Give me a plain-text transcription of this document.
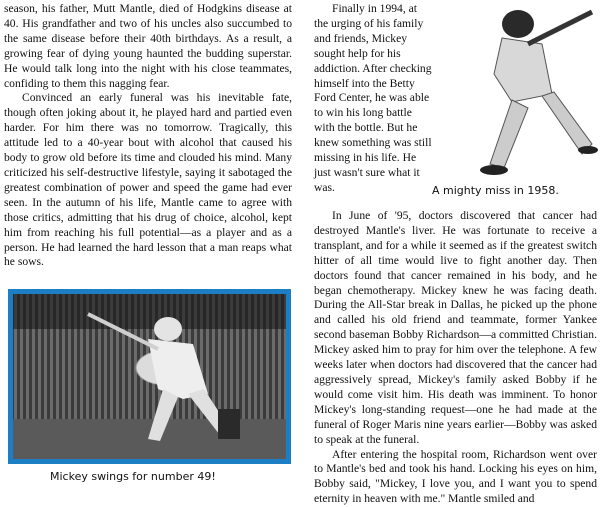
season, his father, Mutt Mantle, died of Hodgkins disease at 40. His grandfather and two of his uncles also succumbed to the same disease before their 40th birthdays. As a result, a growing fear of dying young haunted the budding superstar. He would talk long into the night with his close teammates, confiding to them this nagging fear.

Convinced an early funeral was his inevitable fate, though often joking about it, he played hard and partied even harder. For him there was no tomorrow. Tragically, this attitude led to a 40-year bout with alcohol that caused his body to grow old before its time and clouded his mind. Many criticized his self-destructive lifestyle, saying it sabotaged the greatest combination of power and speed the game had ever seen. In the autumn of his life, Mantle came to agree with those critics, admitting that his drug of choice, alcohol, kept him from reaching his full potential—as a player and as a person. He had learned the hard lesson that a man reaps what he sows.

Finally in 1994, at the urging of his family and friends, Mickey sought help for his addiction. After checking himself into the Betty Ford Center, he was able to win his long battle with the bottle. But he knew something was still missing in his life. He just wasn't sure what it was.

In June of '95, doctors discovered that cancer had destroyed Mantle's liver. He was fortunate to receive a transplant, and for a while it seemed as if the greatest switch hitter of all time would live to fight another day. Then doctors found that cancer remained in his body, and he began chemotherapy. Mickey knew he was facing death. During the All-Star break in Dallas, he picked up the phone and called his old friend and teammate, former Yankee second baseman Bobby Richardson—a committed Christian. Mickey asked him to pray for him over the telephone. A few weeks later when doctors had discovered that the cancer had aggressively spread, Mickey's family asked Bobby if he would come visit him. His death was imminent. To honor Mickey's long-standing request—one he had made at the funeral of Roger Maris nine years earlier—Bobby was asked to speak at the funeral.

After entering the hospital room, Richardson went over to Mantle's bed and took his hand. Locking his eyes on him, Bobby said, "Mickey, I love you, and I want you to spend eternity in heaven with me." Mantle smiled and

Mickey swings for number 49!
A mighty miss in 1958.
